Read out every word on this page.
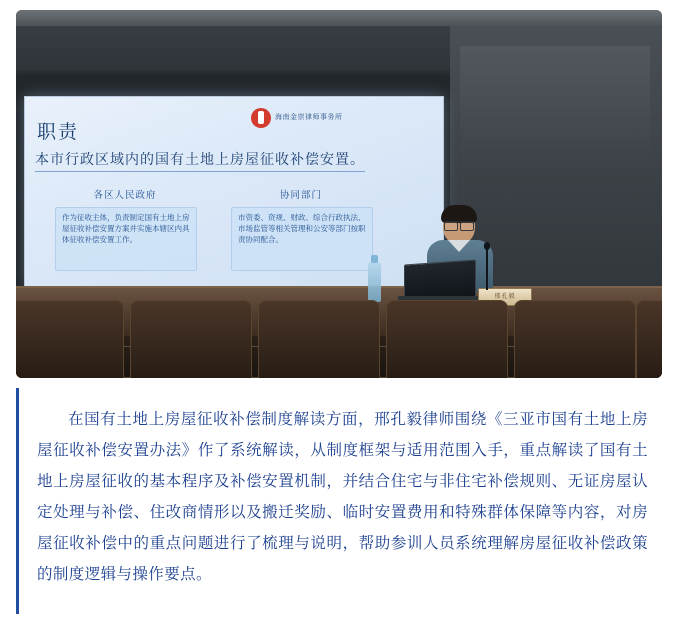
海南金崇律师事务所
职责
本市行政区域内的国有土地上房屋征收补偿安置。
各区人民政府
作为征收主体，负责制定国有土地上房屋征收补偿安置方案并实施本辖区内具体征收补偿安置工作。
协同部门
市资委、资规、财政、综合行政执法、市场监管等相关管理和公安等部门按职责协同配合。
邢孔毅

在国有土地上房屋征收补偿制度解读方面，邢孔毅律师围绕《三亚市国有土地上房屋征收补偿安置办法》作了系统解读，从制度框架与适用范围入手，重点解读了国有土地上房屋征收的基本程序及补偿安置机制，并结合住宅与非住宅补偿规则、无证房屋认定处理与补偿、住改商情形以及搬迁奖励、临时安置费用和特殊群体保障等内容，对房屋征收补偿中的重点问题进行了梳理与说明，帮助参训人员系统理解房屋征收补偿政策的制度逻辑与操作要点。
